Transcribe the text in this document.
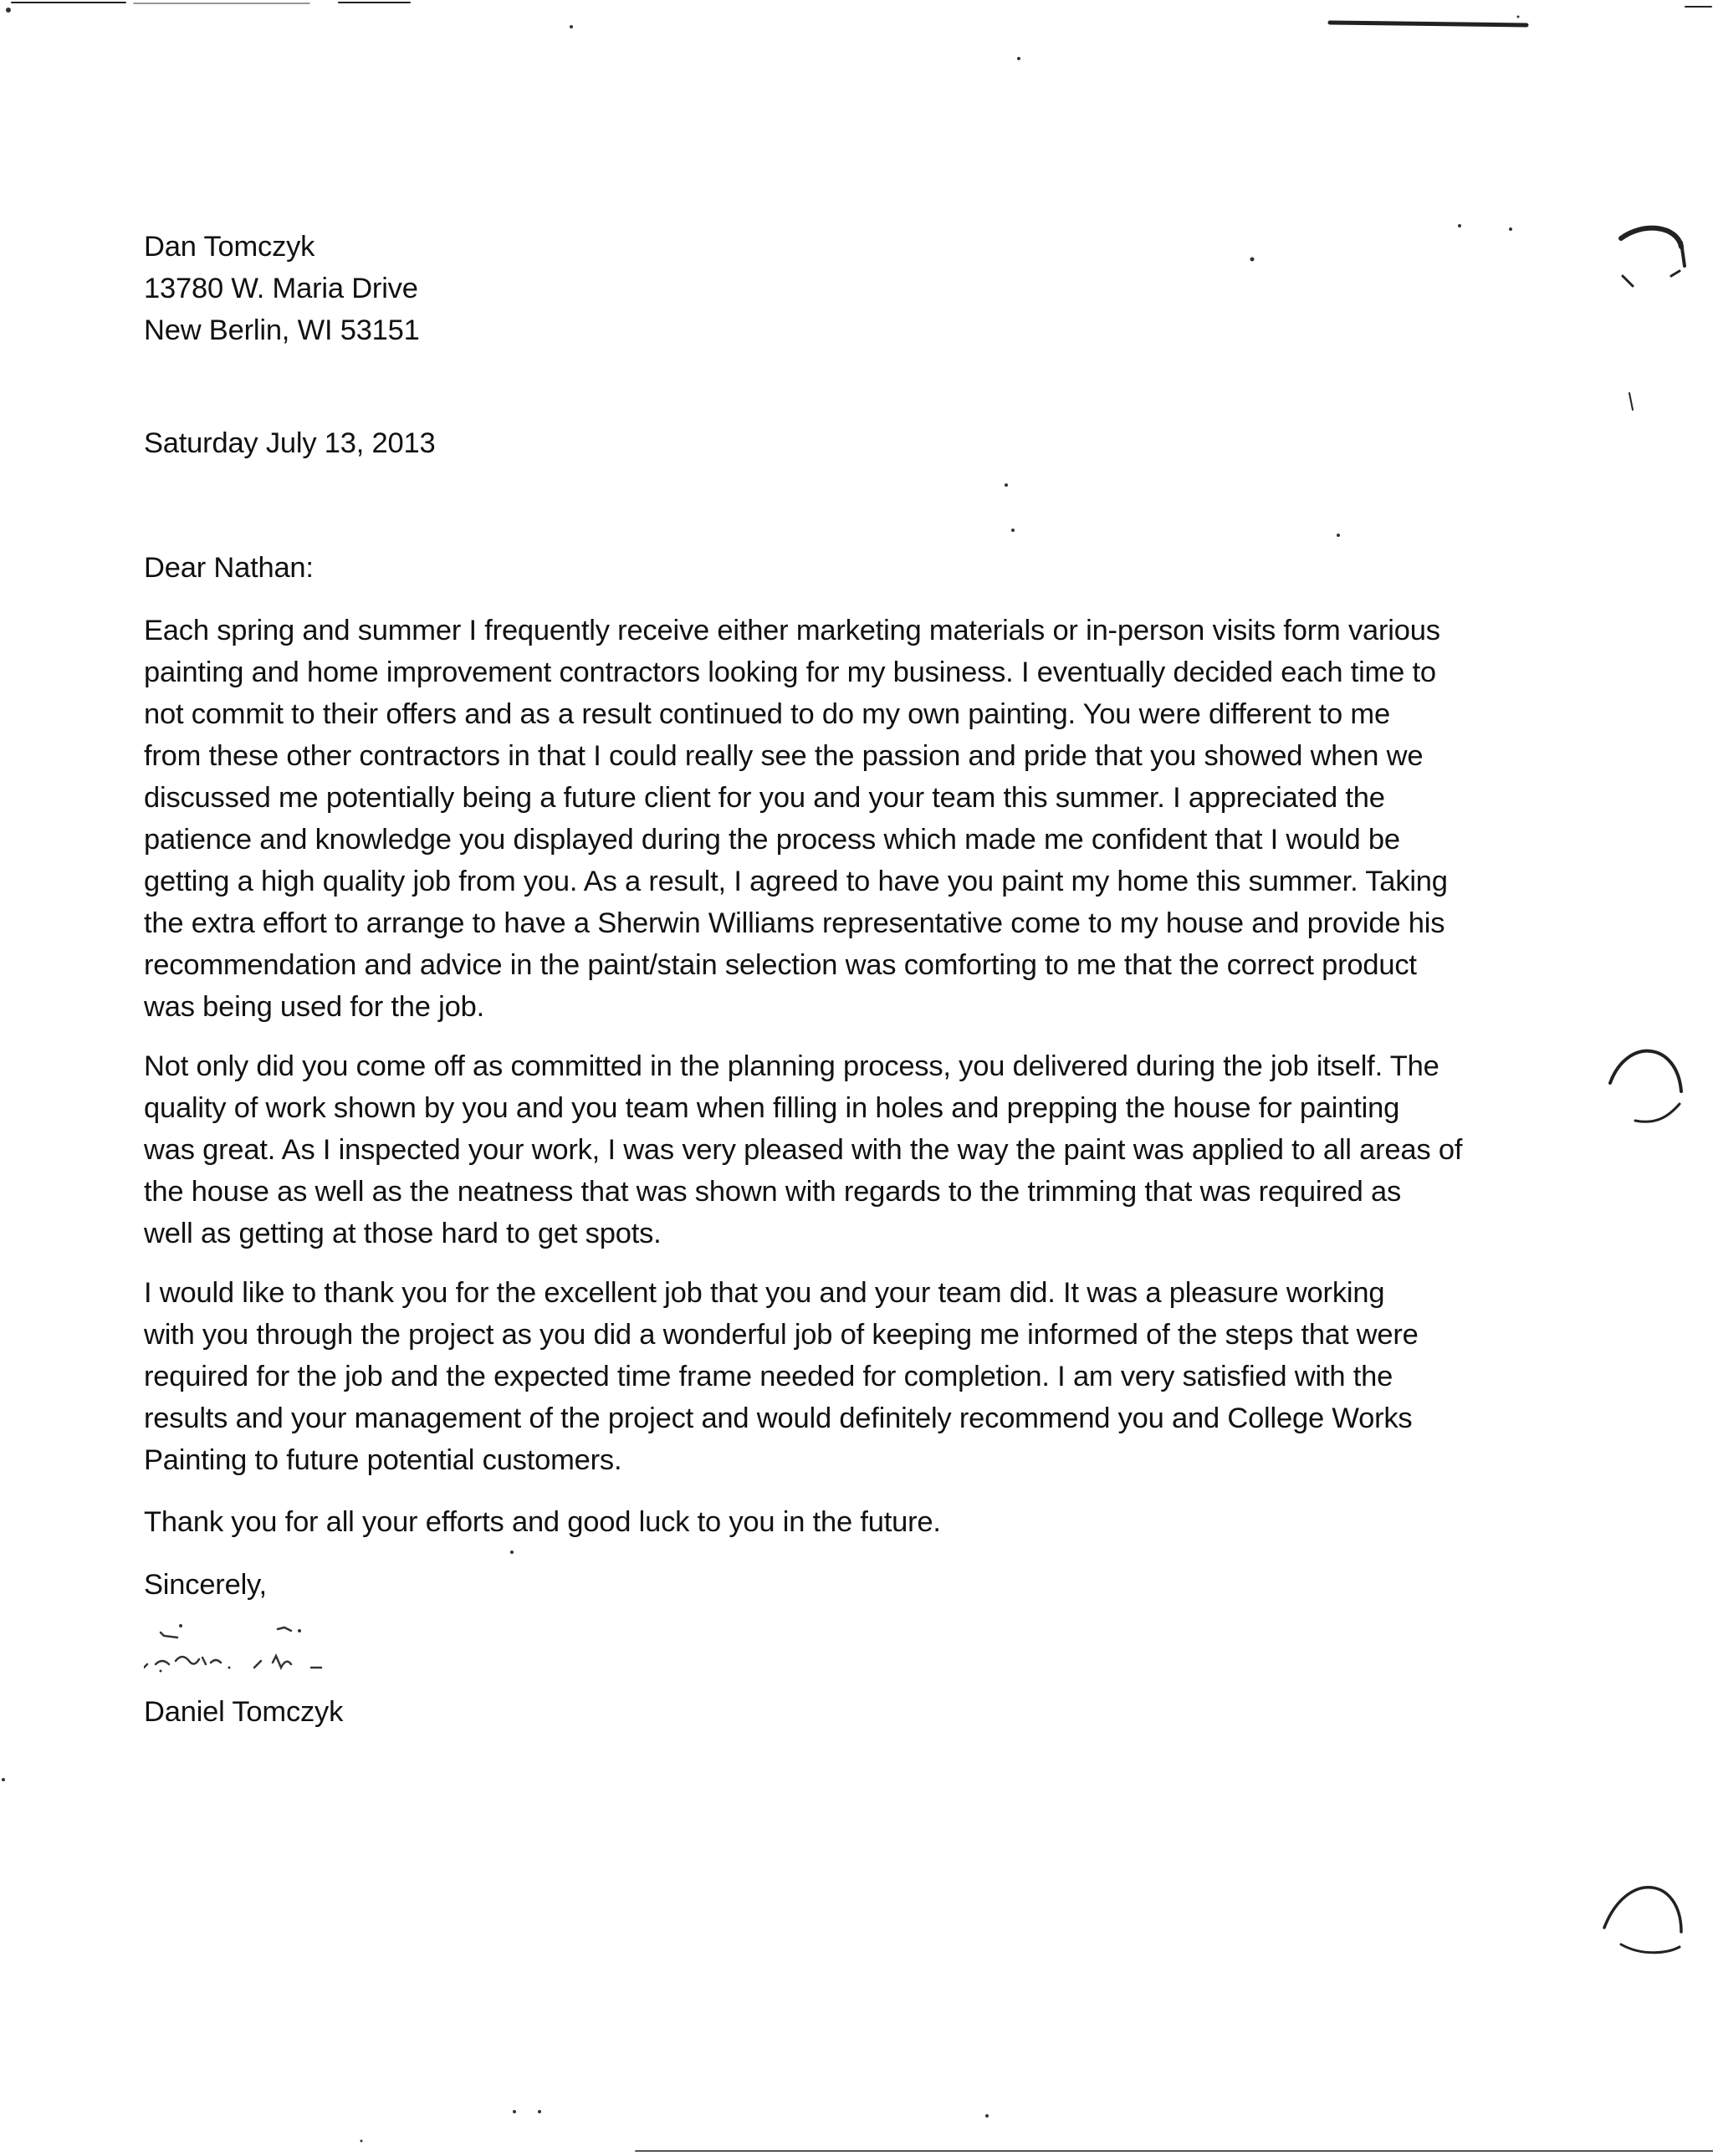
Dan Tomczyk
13780 W. Maria Drive
New Berlin, WI 53151
Saturday July 13, 2013
Dear Nathan:
Each spring and summer I frequently receive either marketing materials or in-person visits form various
painting and home improvement contractors looking for my business. I eventually decided each time to
not commit to their offers and as a result continued to do my own painting. You were different to me
from these other contractors in that I could really see the passion and pride that you showed when we
discussed me potentially being a future client for you and your team this summer. I appreciated the
patience and knowledge you displayed during the process which made me confident that I would be
getting a high quality job from you. As a result, I agreed to have you paint my home this summer. Taking
the extra effort to arrange to have a Sherwin Williams representative come to my house and provide his
recommendation and advice in the paint/stain selection was comforting to me that the correct product
was being used for the job.
Not only did you come off as committed in the planning process, you delivered during the job itself. The
quality of work shown by you and you team when filling in holes and prepping the house for painting
was great. As I inspected your work, I was very pleased with the way the paint was applied to all areas of
the house as well as the neatness that was shown with regards to the trimming that was required as
well as getting at those hard to get spots.
I would like to thank you for the excellent job that you and your team did. It was a pleasure working
with you through the project as you did a wonderful job of keeping me informed of the steps that were
required for the job and the expected time frame needed for completion. I am very satisfied with the
results and your management of the project and would definitely recommend you and College Works
Painting to future potential customers.
Thank you for all your efforts and good luck to you in the future.
Sincerely,
Daniel Tomczyk
